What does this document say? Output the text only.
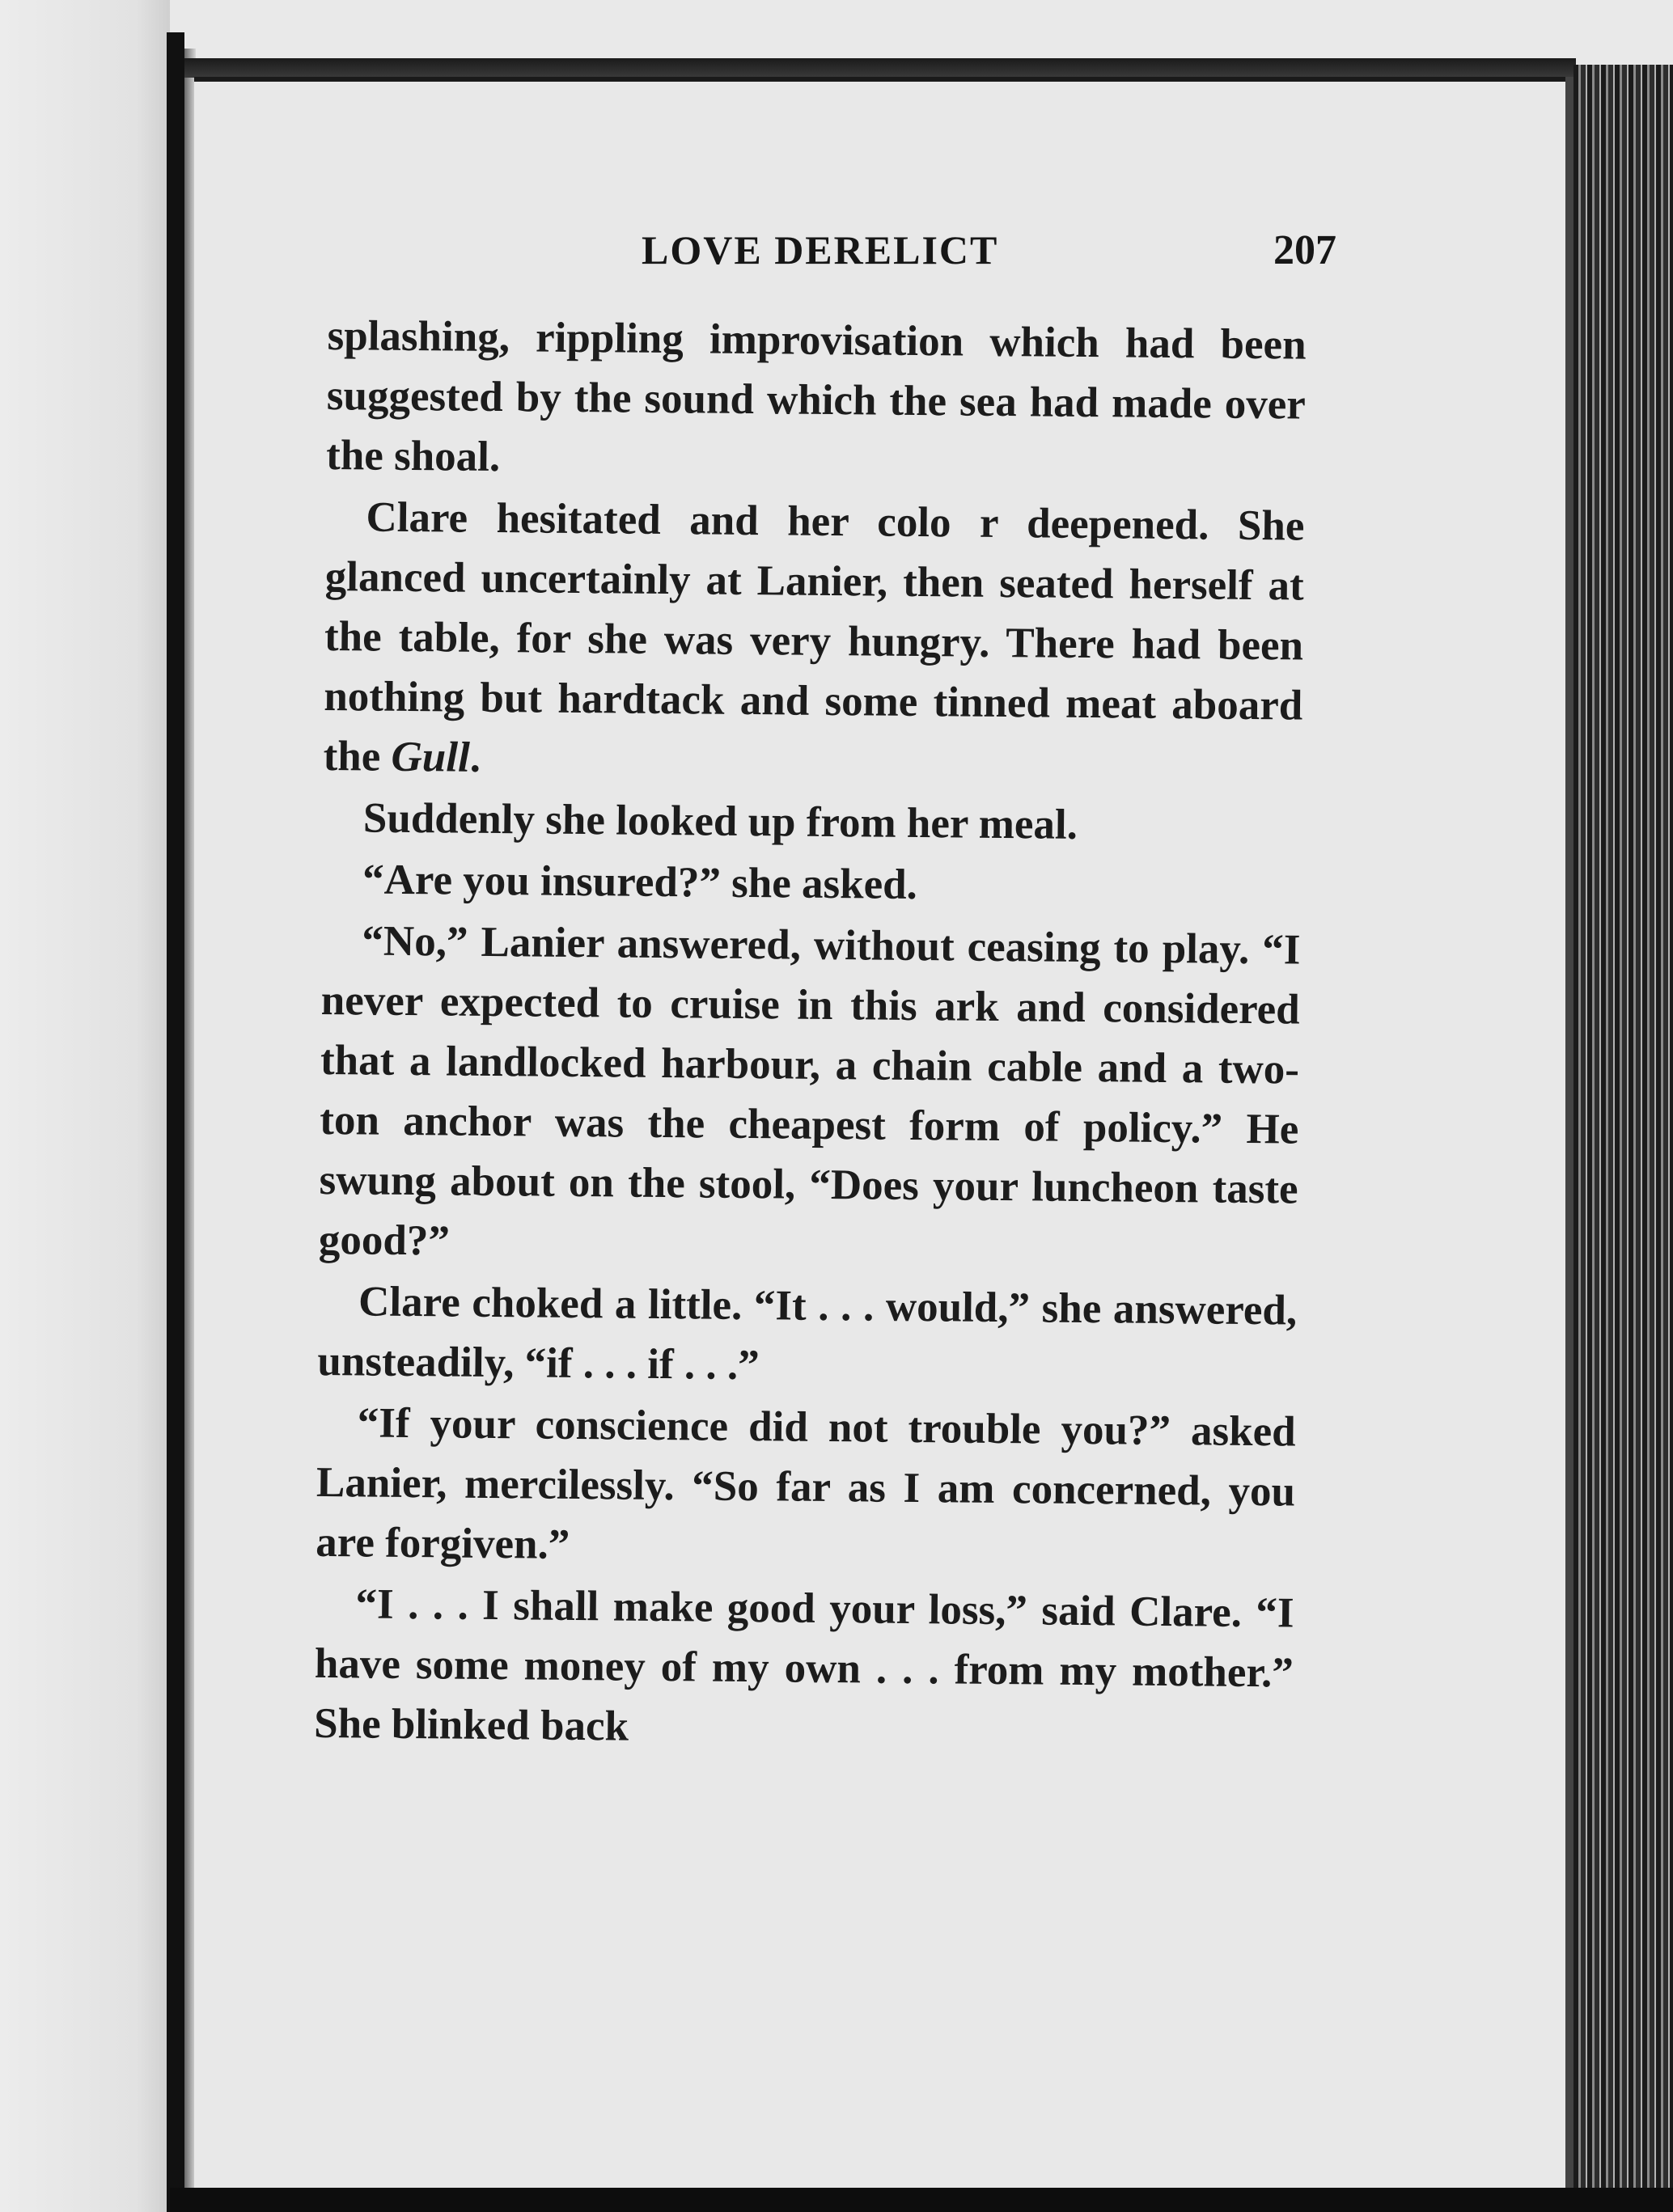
LOVE DERELICT	207

splashing, rippling improvisation which had been suggested by the sound which the sea had made over the shoal.

Clare hesitated and her colo r deepened. She glanced uncertainly at Lanier, then seated herself at the table, for she was very hungry. There had been nothing but hardtack and some tinned meat aboard the Gull.

Suddenly she looked up from her meal.

“Are you insured?” she asked.

“No,” Lanier answered, without ceasing to play. “I never expected to cruise in this ark and considered that a landlocked harbour, a chain cable and a two-ton anchor was the cheapest form of policy.” He swung about on the stool, “Does your luncheon taste good?”

Clare choked a little. “It . . . would,” she answered, unsteadily, “if . . . if . . .”

“If your conscience did not trouble you?” asked Lanier, mercilessly. “So far as I am concerned, you are forgiven.”

“I . . . I shall make good your loss,” said Clare. “I have some money of my own . . . from my mother.” She blinked back
